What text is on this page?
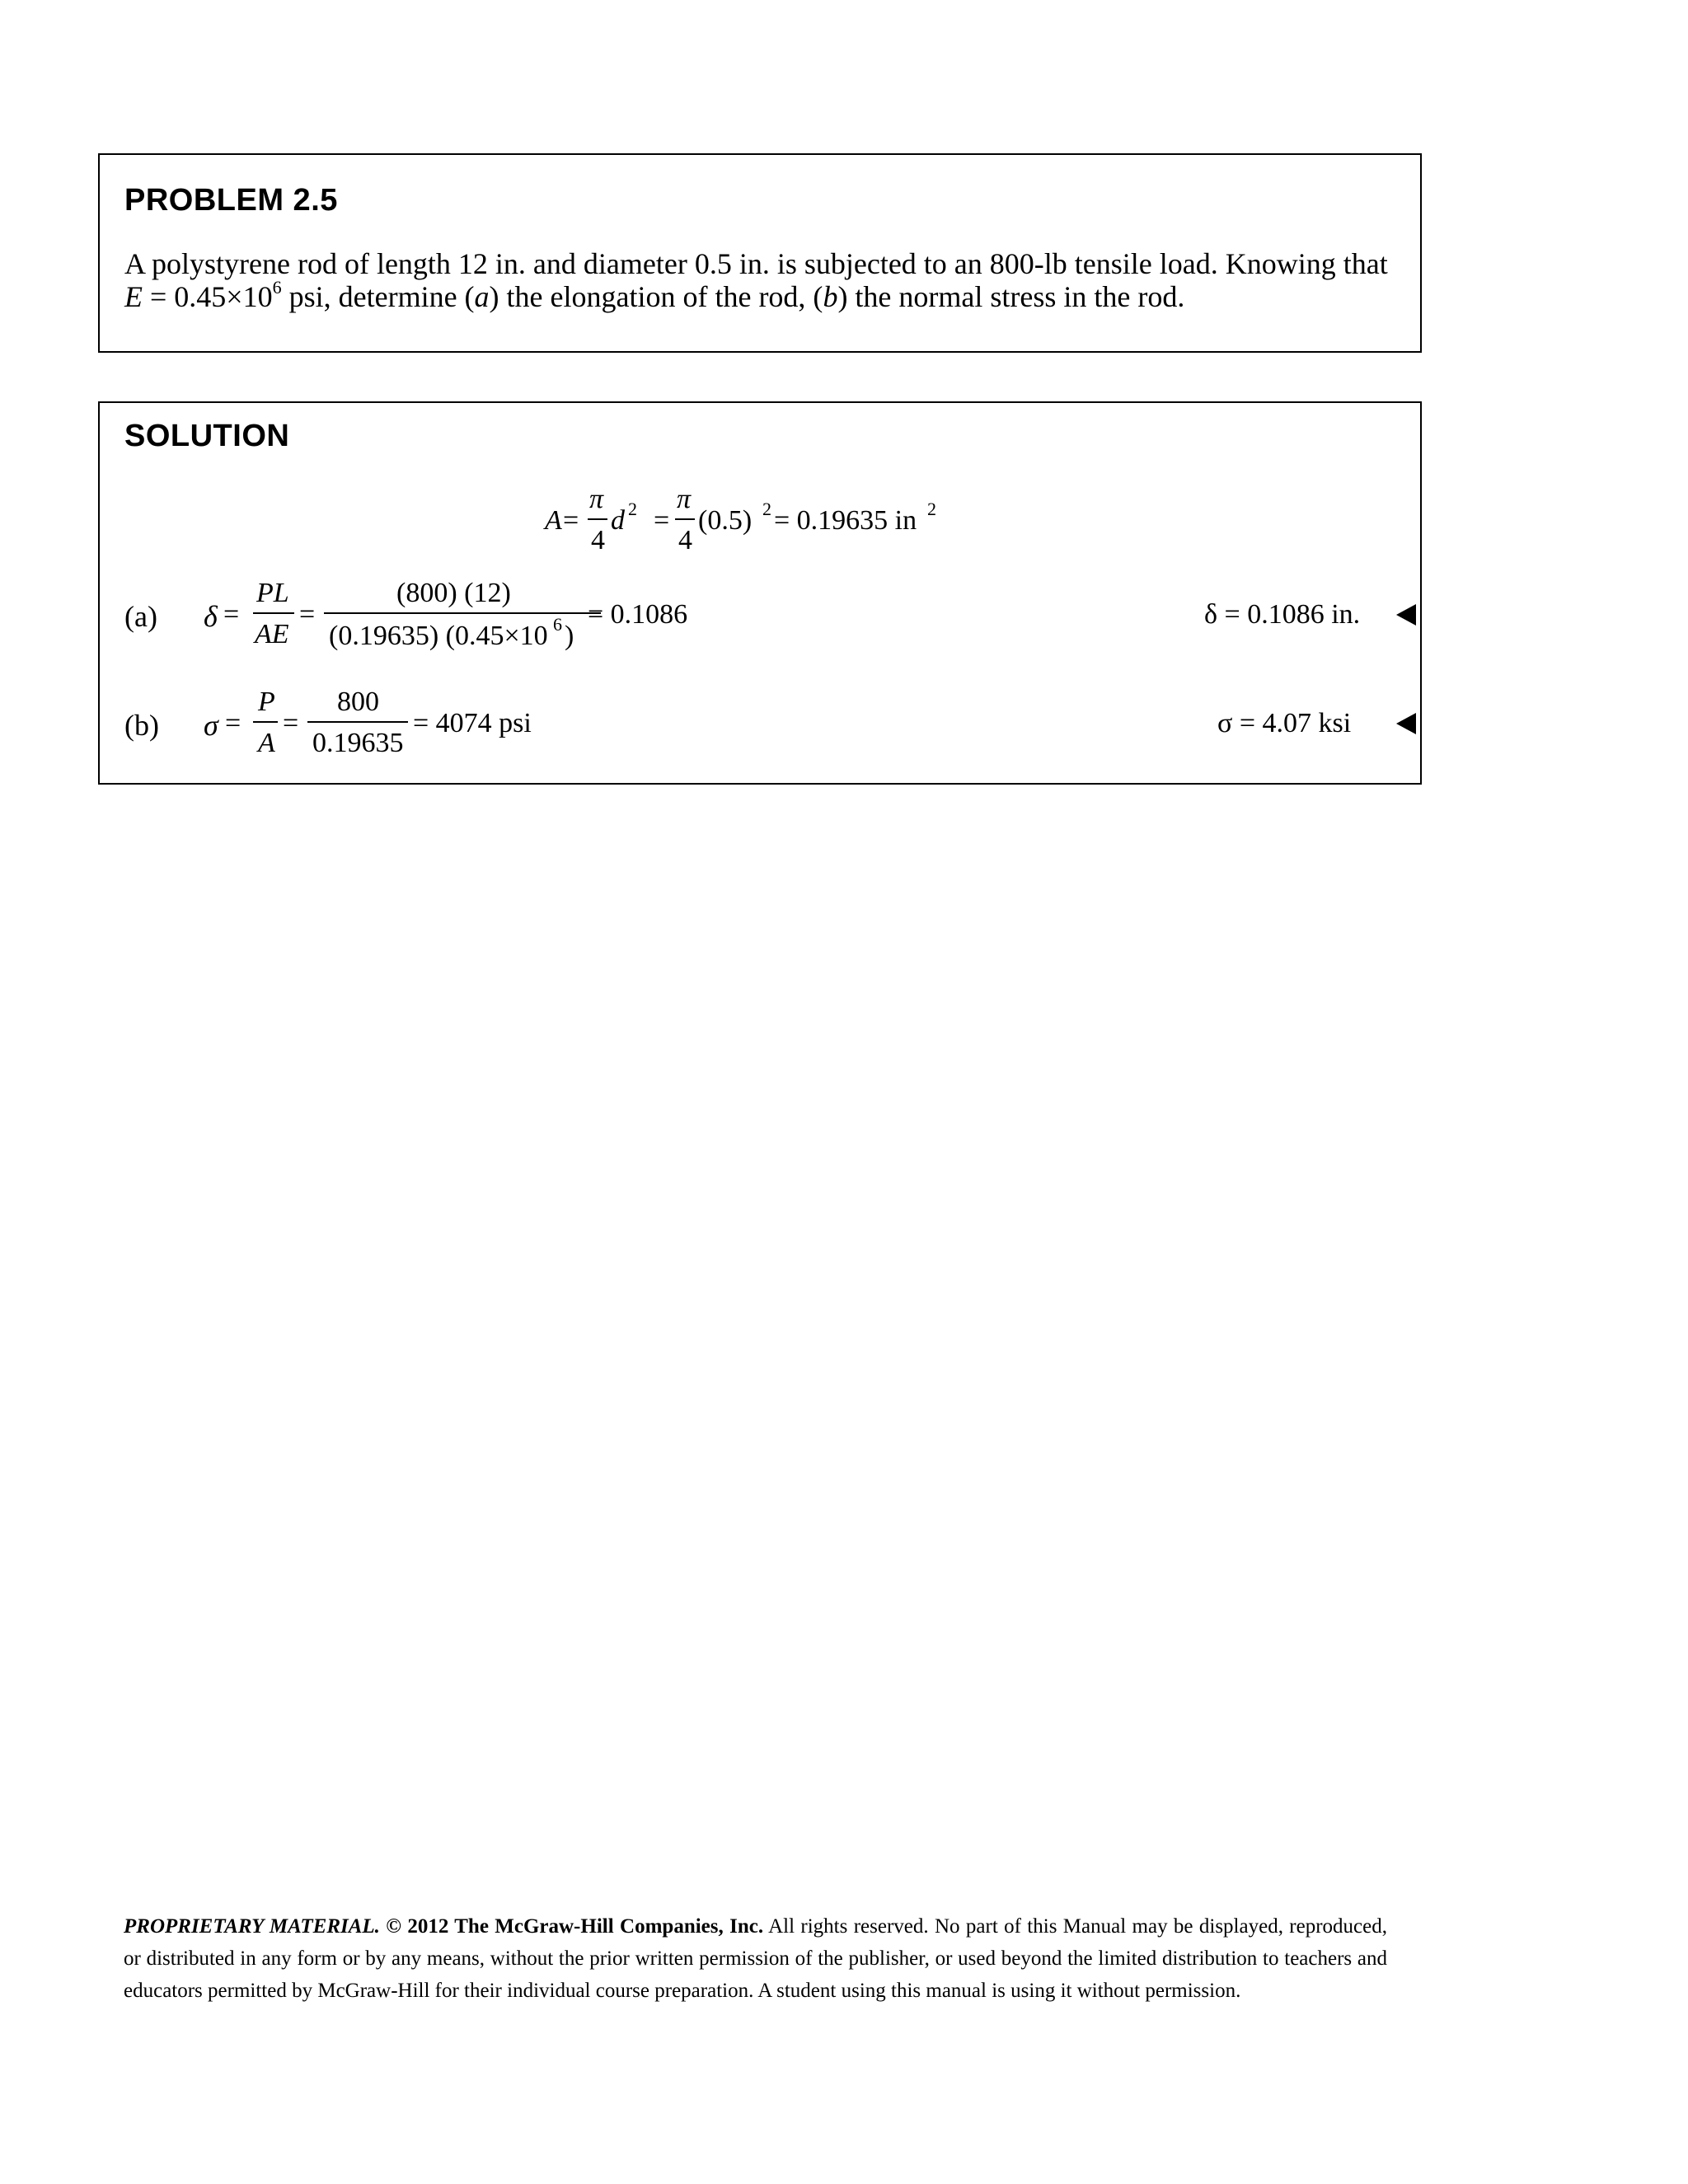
PROBLEM 2.5
A polystyrene rod of length 12 in. and diameter 0.5 in. is subjected to an 800-lb tensile load. Knowing that
$E = 0.45\times 10^6$ psi, determine (a) the elongation of the rod, (b) the normal stress in the rod.
SOLUTION
A =
π
4
d 2 =
π
4
(0.5) 2 = 0.19635 in 2
(a) δ =
PL
AE
=
(800) (12)
(0.19635) (0.45×10 6 )
= 0.1086	δ = 0.1086 in.
(b) σ =
P
A
=
800
0.19635
= 4074 psi	σ = 4.07 ksi
PROPRIETARY MATERIAL. © 2012 The McGraw-Hill Companies, Inc. All rights reserved. No part of this Manual may be displayed, reproduced, or distributed in any form or by any means, without the prior written permission of the publisher, or used beyond the limited distribution to teachers and educators permitted by McGraw-Hill for their individual course preparation. A student using this manual is using it without permission.
